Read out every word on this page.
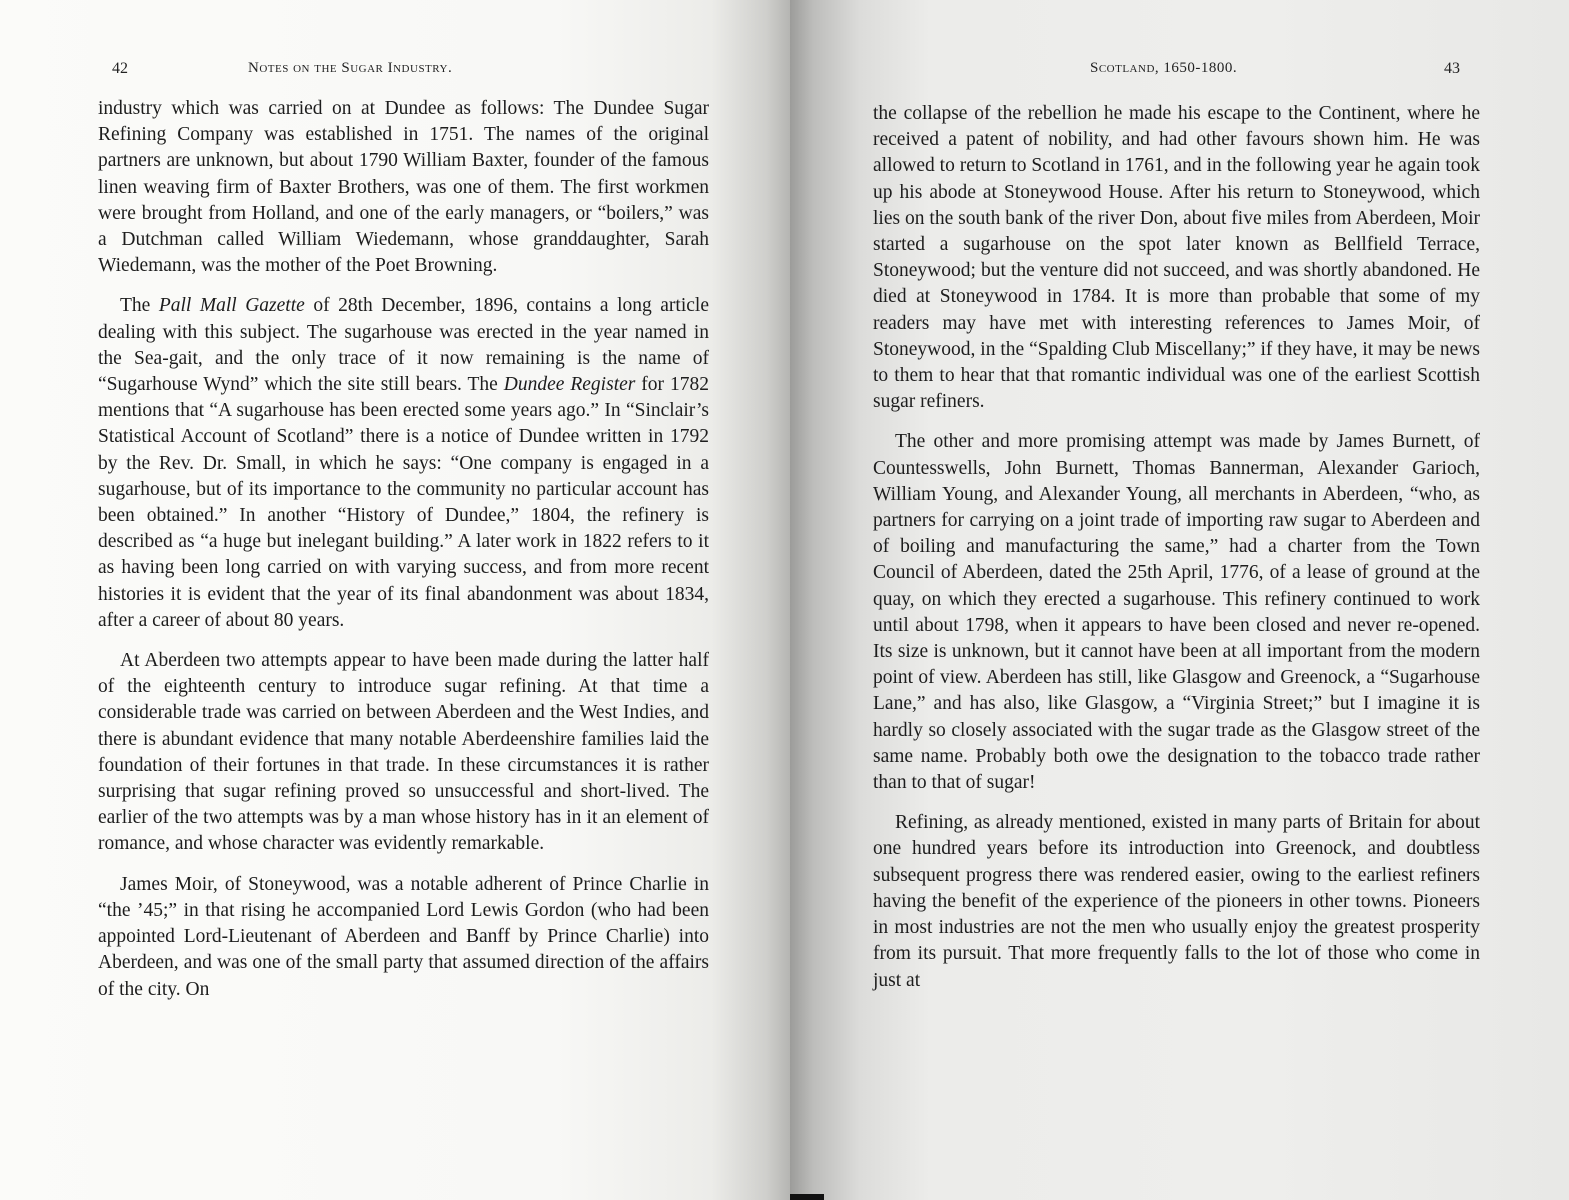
42	Notes on the Sugar Industry.

industry which was carried on at Dundee as follows: The Dundee Sugar Refining Company was established in 1751. The names of the original partners are unknown, but about 1790 William Baxter, founder of the famous linen weaving firm of Baxter Brothers, was one of them. The first workmen were brought from Holland, and one of the early managers, or “boilers,” was a Dutchman called William Wiedemann, whose granddaughter, Sarah Wiedemann, was the mother of the Poet Browning.

The Pall Mall Gazette of 28th December, 1896, contains a long article dealing with this subject. The sugarhouse was erected in the year named in the Sea-gait, and the only trace of it now remaining is the name of “Sugarhouse Wynd” which the site still bears. The Dundee Register for 1782 mentions that “A sugarhouse has been erected some years ago.” In “Sinclair’s Statistical Account of Scotland” there is a notice of Dundee written in 1792 by the Rev. Dr. Small, in which he says: “One company is engaged in a sugarhouse, but of its importance to the community no particular account has been obtained.” In another “History of Dundee,” 1804, the refinery is described as “a huge but inelegant building.” A later work in 1822 refers to it as having been long carried on with varying success, and from more recent histories it is evident that the year of its final abandonment was about 1834, after a career of about 80 years.

At Aberdeen two attempts appear to have been made during the latter half of the eighteenth century to introduce sugar refining. At that time a considerable trade was carried on between Aberdeen and the West Indies, and there is abundant evidence that many notable Aberdeenshire families laid the foundation of their fortunes in that trade. In these circumstances it is rather surprising that sugar refining proved so unsuccessful and short-lived. The earlier of the two attempts was by a man whose history has in it an element of romance, and whose character was evidently remarkable.

James Moir, of Stoneywood, was a notable adherent of Prince Charlie in “the ’45;” in that rising he accompanied Lord Lewis Gordon (who had been appointed Lord-Lieutenant of Aberdeen and Banff by Prince Charlie) into Aberdeen, and was one of the small party that assumed direction of the affairs of the city. On

Scotland, 1650-1800.	43

the collapse of the rebellion he made his escape to the Continent, where he received a patent of nobility, and had other favours shown him. He was allowed to return to Scotland in 1761, and in the following year he again took up his abode at Stoneywood House. After his return to Stoneywood, which lies on the south bank of the river Don, about five miles from Aberdeen, Moir started a sugarhouse on the spot later known as Bellfield Terrace, Stoneywood; but the venture did not succeed, and was shortly abandoned. He died at Stoneywood in 1784. It is more than probable that some of my readers may have met with interesting references to James Moir, of Stoneywood, in the “Spalding Club Miscellany;” if they have, it may be news to them to hear that that romantic individual was one of the earliest Scottish sugar refiners.

The other and more promising attempt was made by James Burnett, of Countesswells, John Burnett, Thomas Bannerman, Alexander Garioch, William Young, and Alexander Young, all merchants in Aberdeen, “who, as partners for carrying on a joint trade of importing raw sugar to Aberdeen and of boiling and manufacturing the same,” had a charter from the Town Council of Aberdeen, dated the 25th April, 1776, of a lease of ground at the quay, on which they erected a sugarhouse. This refinery continued to work until about 1798, when it appears to have been closed and never re-opened. Its size is unknown, but it cannot have been at all important from the modern point of view. Aberdeen has still, like Glasgow and Greenock, a “Sugarhouse Lane,” and has also, like Glasgow, a “Virginia Street;” but I imagine it is hardly so closely associated with the sugar trade as the Glasgow street of the same name. Probably both owe the designation to the tobacco trade rather than to that of sugar!

Refining, as already mentioned, existed in many parts of Britain for about one hundred years before its introduction into Greenock, and doubtless subsequent progress there was rendered easier, owing to the earliest refiners having the benefit of the experience of the pioneers in other towns. Pioneers in most industries are not the men who usually enjoy the greatest prosperity from its pursuit. That more frequently falls to the lot of those who come in just at
